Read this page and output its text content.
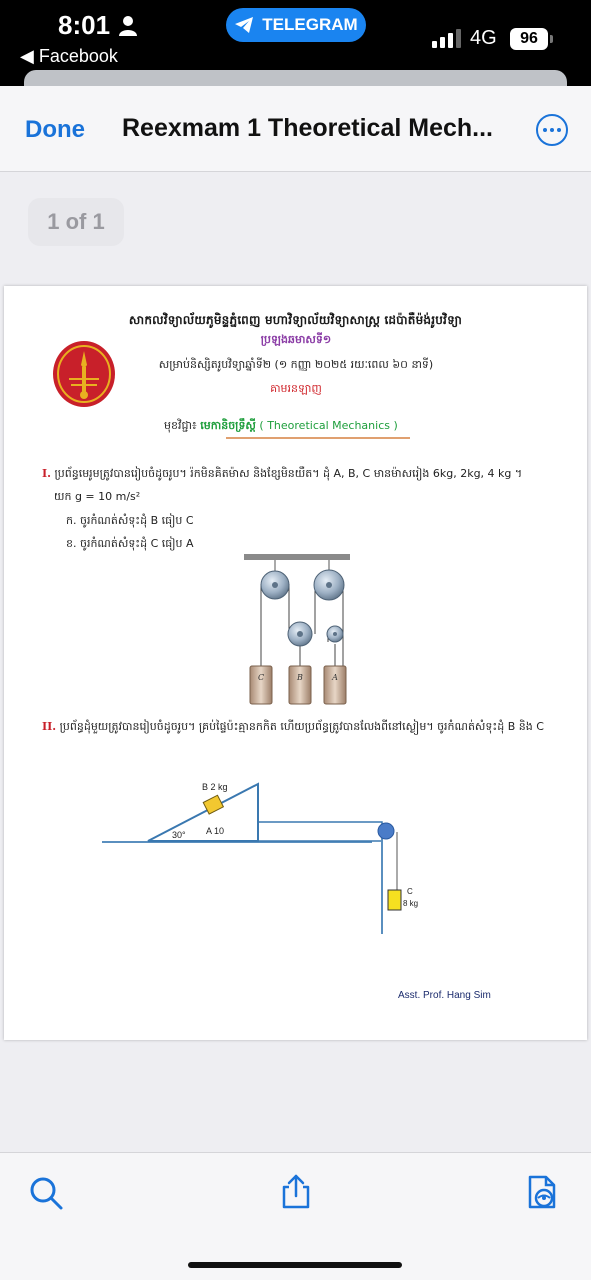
8:01
◀ Facebook
TELEGRAM
4G	96
Done Reexmam 1 Theoretical Mech...
1 of 1
សាកលវិទ្យាល័យភូមិន្ទភ្នំពេញ មហាវិទ្យាល័យវិទ្យាសាស្ត្រ ដេប៉ាតឺម៉ង់រូបវិទ្យា
ប្រឡងឆមាសទី១
សម្រាប់និស្សិតរូបវិទ្យាឆ្នាំទី២ (១ កញ្ញា ២០២៥ រយៈពេល ៦០ នាទី)
គាមរនឡាញ
មុខវិជ្ជា៖ មេកានិចទ្រឹស្តី ( Theoretical Mechanics )
I. ប្រព័ន្ធមេរូមត្រូវបានរៀបចំដូចរូប។ រ៉កមិនគិតម៉ាស និងខ្សែមិនយឺត។ ដុំ A, B, C មានម៉ាសរៀង 6kg, 2kg, 4 kg ។
យក g = 10 m/s²
ក. ចូរកំណត់សំទុះដុំ B ធៀប C
ខ. ចូរកំណត់សំទុះដុំ C ធៀប A
C	B	A
II. ប្រព័ន្ធដុំមួយត្រូវបានរៀបចំដូចរូប។ គ្រប់ផ្ទៃប៉ះគ្មានកកិត ហើយប្រព័ន្ធត្រូវបានលែងពីនៅស្ងៀម។ ចូរកំណត់សំទុះដុំ B និង C
B 2 kg
A 10
30°
C
8 kg
Asst. Prof. Hang Sim
